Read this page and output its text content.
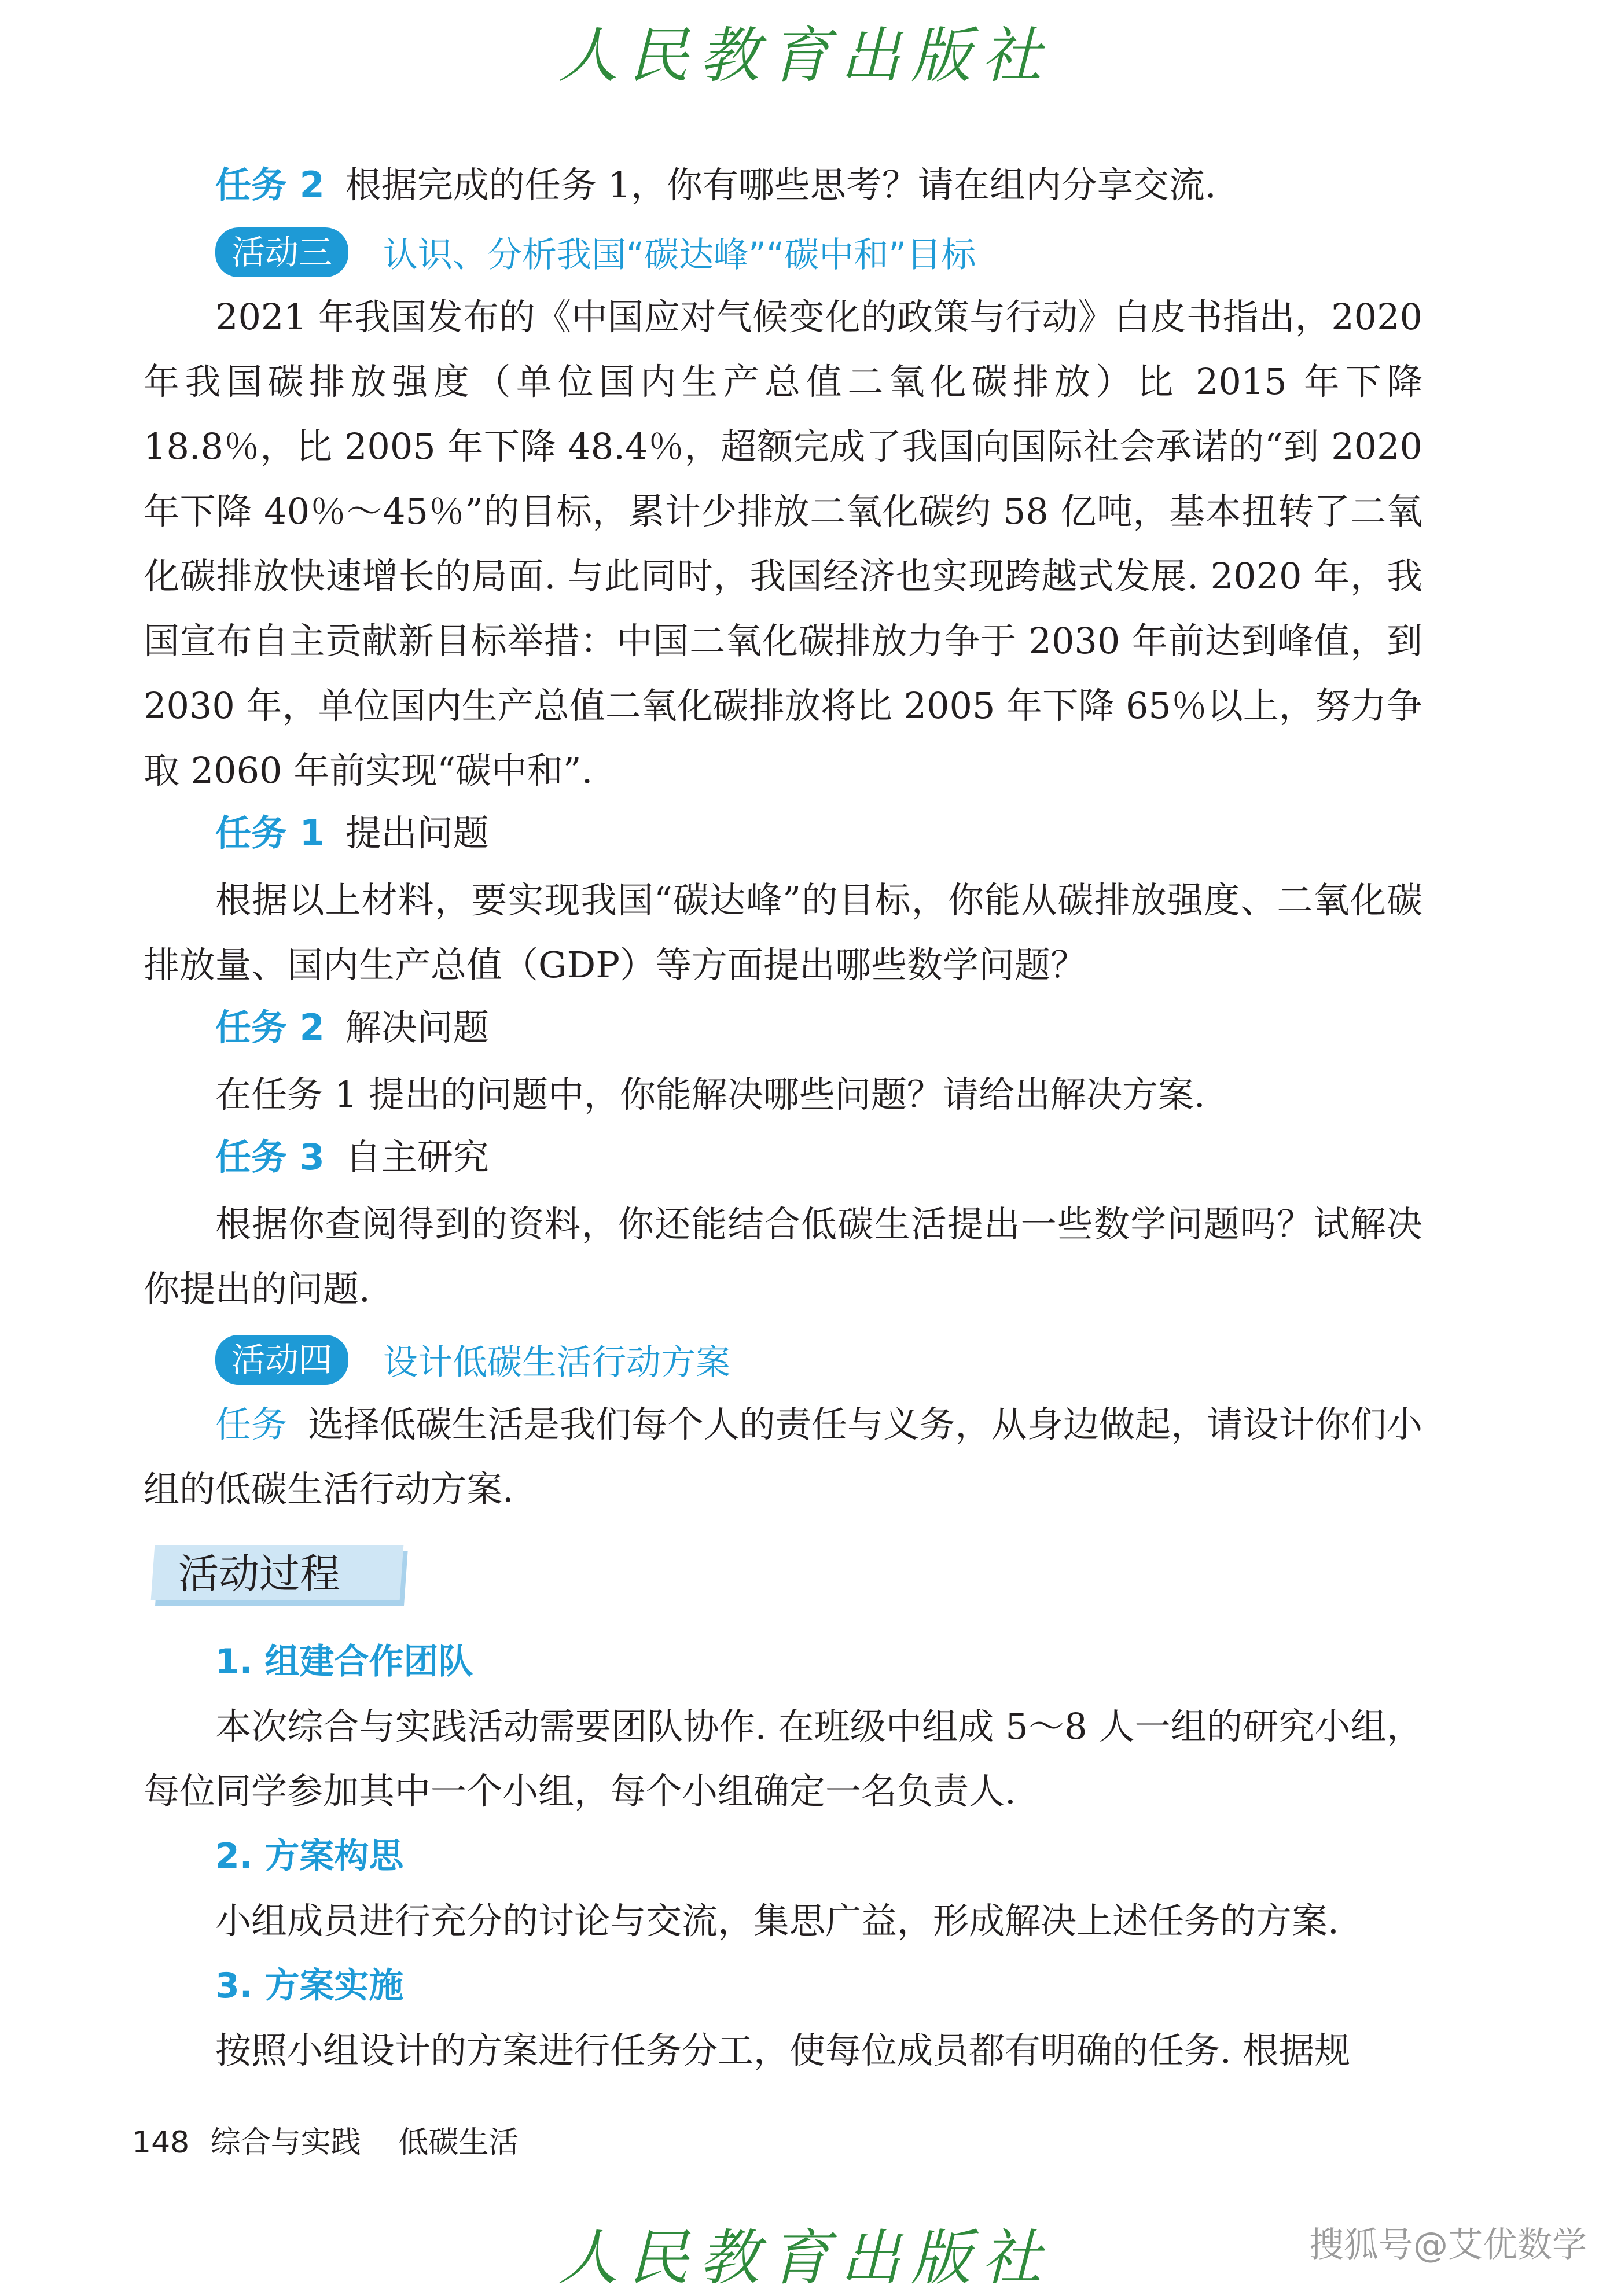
人民教育出版社
任务 2 根据完成的任务 1，你有哪些思考？请在组内分享交流.
活动三	认识、分析我国“碳达峰”“碳中和”目标
2021 年我国发布的《中国应对气候变化的政策与行动》白皮书指出，2020 年我国碳排放强度（单位国内生产总值二氧化碳排放）比 2015 年下降 18.8％，比 2005 年下降 48.4％，超额完成了我国向国际社会承诺的“到 2020 年下降 40％～45％”的目标，累计少排放二氧化碳约 58 亿吨，基本扭转了二氧化碳排放快速增长的局面. 与此同时，我国经济也实现跨越式发展. 2020 年，我国宣布自主贡献新目标举措：中国二氧化碳排放力争于 2030 年前达到峰值，到 2030 年，单位国内生产总值二氧化碳排放将比 2005 年下降 65％以上，努力争取 2060 年前实现“碳中和”.
任务 1 提出问题
根据以上材料，要实现我国“碳达峰”的目标，你能从碳排放强度、二氧化碳排放量、国内生产总值（GDP）等方面提出哪些数学问题？
任务 2 解决问题
在任务 1 提出的问题中，你能解决哪些问题？请给出解决方案.
任务 3 自主研究
根据你查阅得到的资料，你还能结合低碳生活提出一些数学问题吗？试解决你提出的问题.
活动四	设计低碳生活行动方案
任务 选择低碳生活是我们每个人的责任与义务，从身边做起，请设计你们小组的低碳生活行动方案.
活动过程
1. 组建合作团队
本次综合与实践活动需要团队协作. 在班级中组成 5～8 人一组的研究小组，每位同学参加其中一个小组，每个小组确定一名负责人.
2. 方案构思
小组成员进行充分的讨论与交流，集思广益，形成解决上述任务的方案.
3. 方案实施
按照小组设计的方案进行任务分工，使每位成员都有明确的任务. 根据规
148 综合与实践 低碳生活
人民教育出版社	搜狐号@艾优数学
